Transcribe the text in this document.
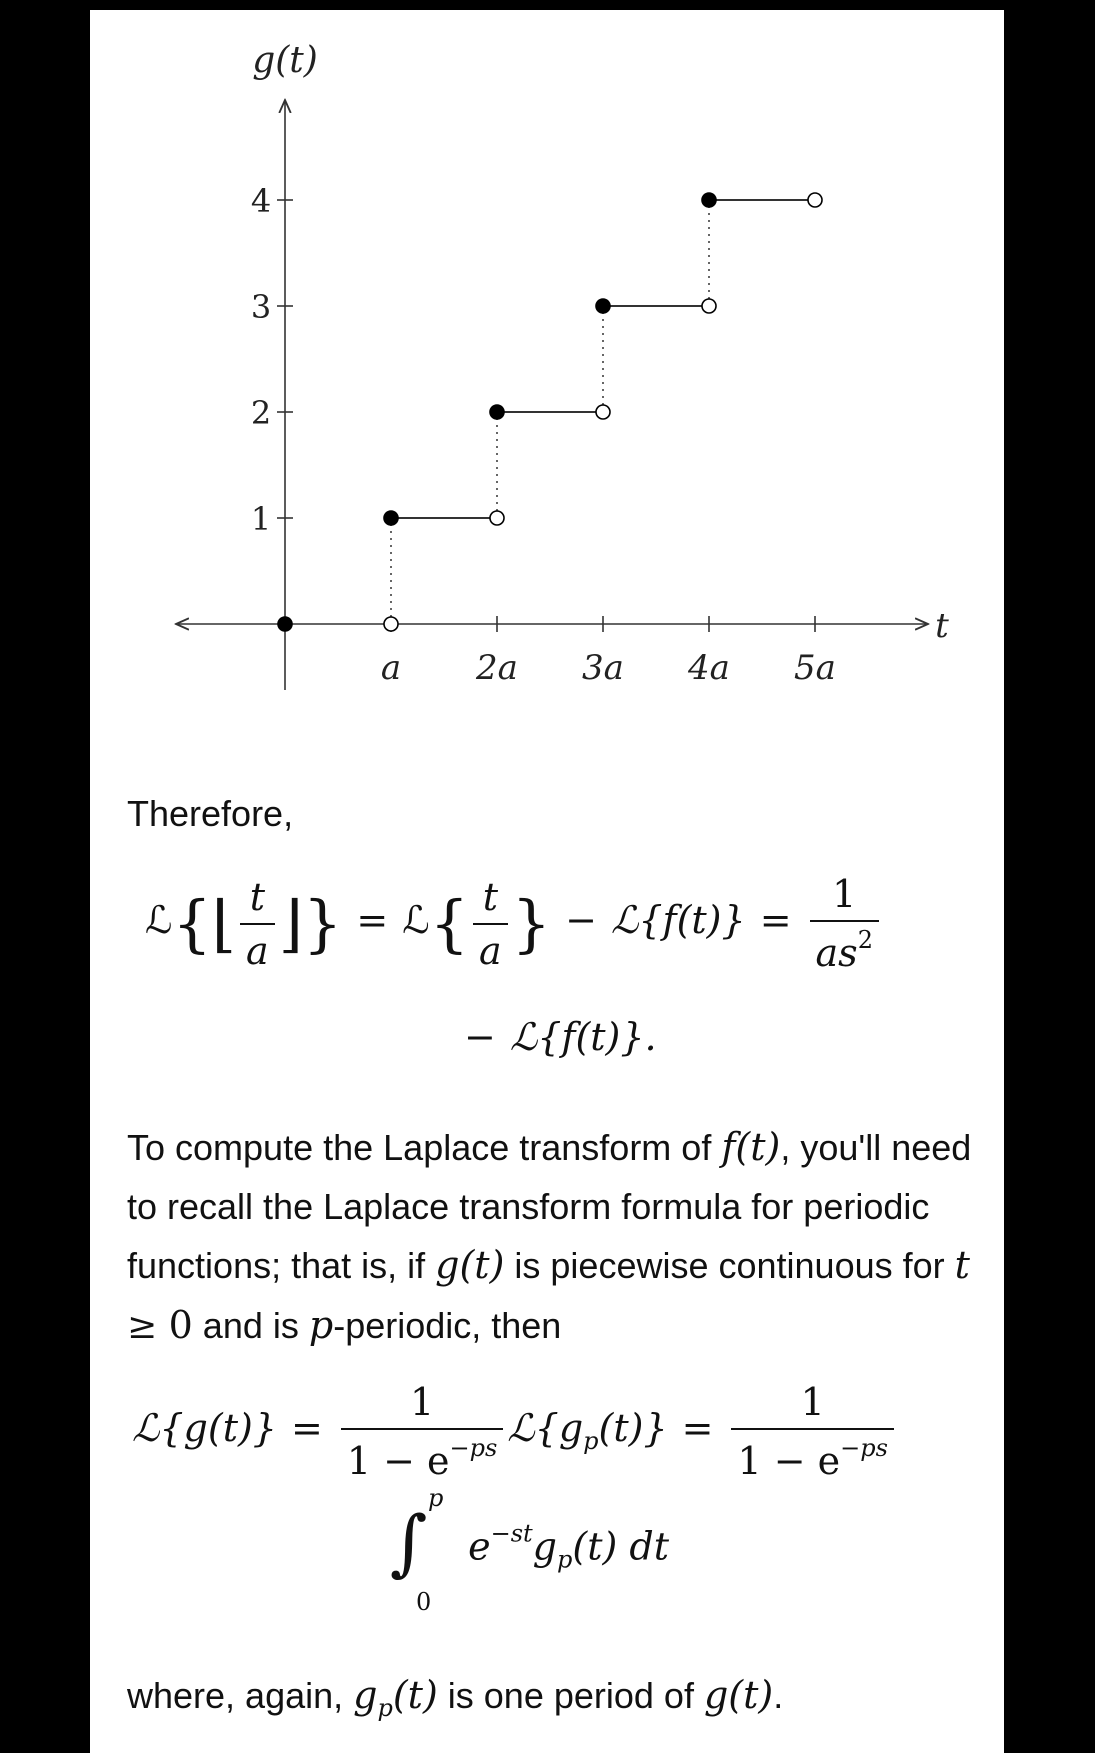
1
2
3
4
a 2a 3a 4a 5a
g(t)
t

Therefore,

ℒ{⌊ $\frac{t}{a}$ ⌋} = ℒ{ $\frac{t}{a}$ } − ℒ{f(t)} = $\frac{1}{as^2}$
− ℒ{f(t)}.

To compute the Laplace transform of f(t), you'll need to recall the Laplace transform formula for periodic functions; that is, if g(t) is piecewise continuous for t ≥ 0 and is p-periodic, then

ℒ{g(t)} = $\frac{1}{1 - e^{-ps}}$ $ℒ\{g_p(t)\} = \frac{1}{1 - e^{-ps}}$
∫
p
0
$e^{-st}g_p(t)$ dt

where, again, $g_p(t)$ is one period of g(t).
